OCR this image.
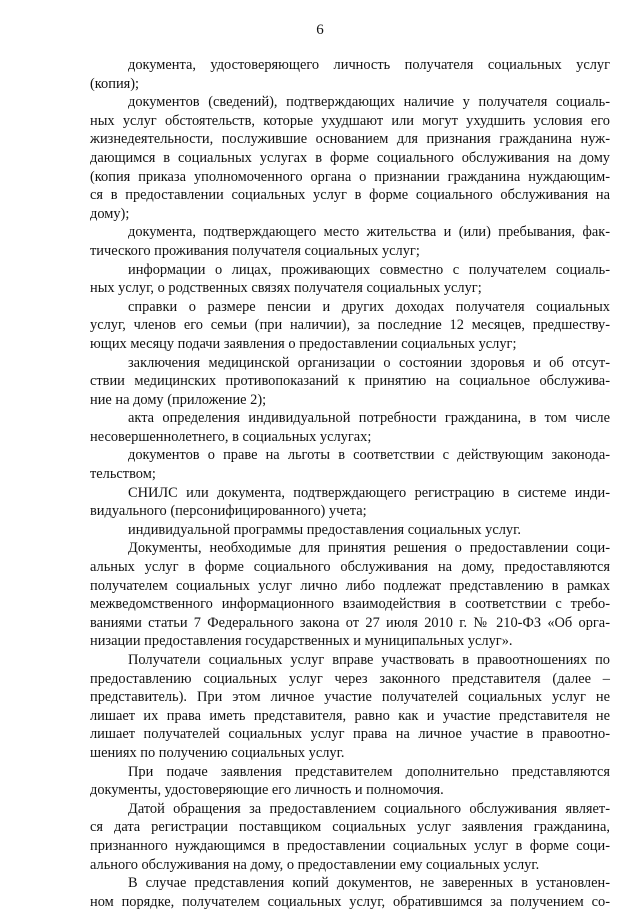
6
документа, удостоверяющего личность получателя социальных услуг
(копия);
документов (сведений), подтверждающих наличие у получателя социаль-
ных услуг обстоятельств, которые ухудшают или могут ухудшить условия его
жизнедеятельности, послужившие основанием для признания гражданина нуж-
дающимся в социальных услугах в форме социального обслуживания на дому
(копия приказа уполномоченного органа о признании гражданина нуждающим-
ся в предоставлении социальных услуг в форме социального обслуживания на
дому);
документа, подтверждающего место жительства и (или) пребывания, фак-
тического проживания получателя социальных услуг;
информации о лицах, проживающих совместно с получателем социаль-
ных услуг, о родственных связях получателя социальных услуг;
справки о размере пенсии и других доходах получателя социальных
услуг, членов его семьи (при наличии), за последние 12 месяцев, предшеству-
ющих месяцу подачи заявления о предоставлении социальных услуг;
заключения медицинской организации о состоянии здоровья и об отсут-
ствии медицинских противопоказаний к принятию на социальное обслужива-
ние на дому (приложение 2);
акта определения индивидуальной потребности гражданина, в том числе
несовершеннолетнего, в социальных услугах;
документов о праве на льготы в соответствии с действующим законода-
тельством;
СНИЛС или документа, подтверждающего регистрацию в системе инди-
видуального (персонифицированного) учета;
индивидуальной программы предоставления социальных услуг.
Документы, необходимые для принятия решения о предоставлении соци-
альных услуг в форме социального обслуживания на дому, предоставляются
получателем социальных услуг лично либо подлежат представлению в рамках
межведомственного информационного взаимодействия в соответствии с требо-
ваниями статьи 7 Федерального закона от 27 июля 2010 г. № 210-ФЗ «Об орга-
низации предоставления государственных и муниципальных услуг».
Получатели социальных услуг вправе участвовать в правоотношениях по
предоставлению социальных услуг через законного представителя (далее –
представитель). При этом личное участие получателей социальных услуг не
лишает их права иметь представителя, равно как и участие представителя не
лишает получателей социальных услуг права на личное участие в правоотно-
шениях по получению социальных услуг.
При подаче заявления представителем дополнительно представляются
документы, удостоверяющие его личность и полномочия.
Датой обращения за предоставлением социального обслуживания являет-
ся дата регистрации поставщиком социальных услуг заявления гражданина,
признанного нуждающимся в предоставлении социальных услуг в форме соци-
ального обслуживания на дому, о предоставлении ему социальных услуг.
В случае представления копий документов, не заверенных в установлен-
ном порядке, получателем социальных услуг, обратившимся за получением со-
